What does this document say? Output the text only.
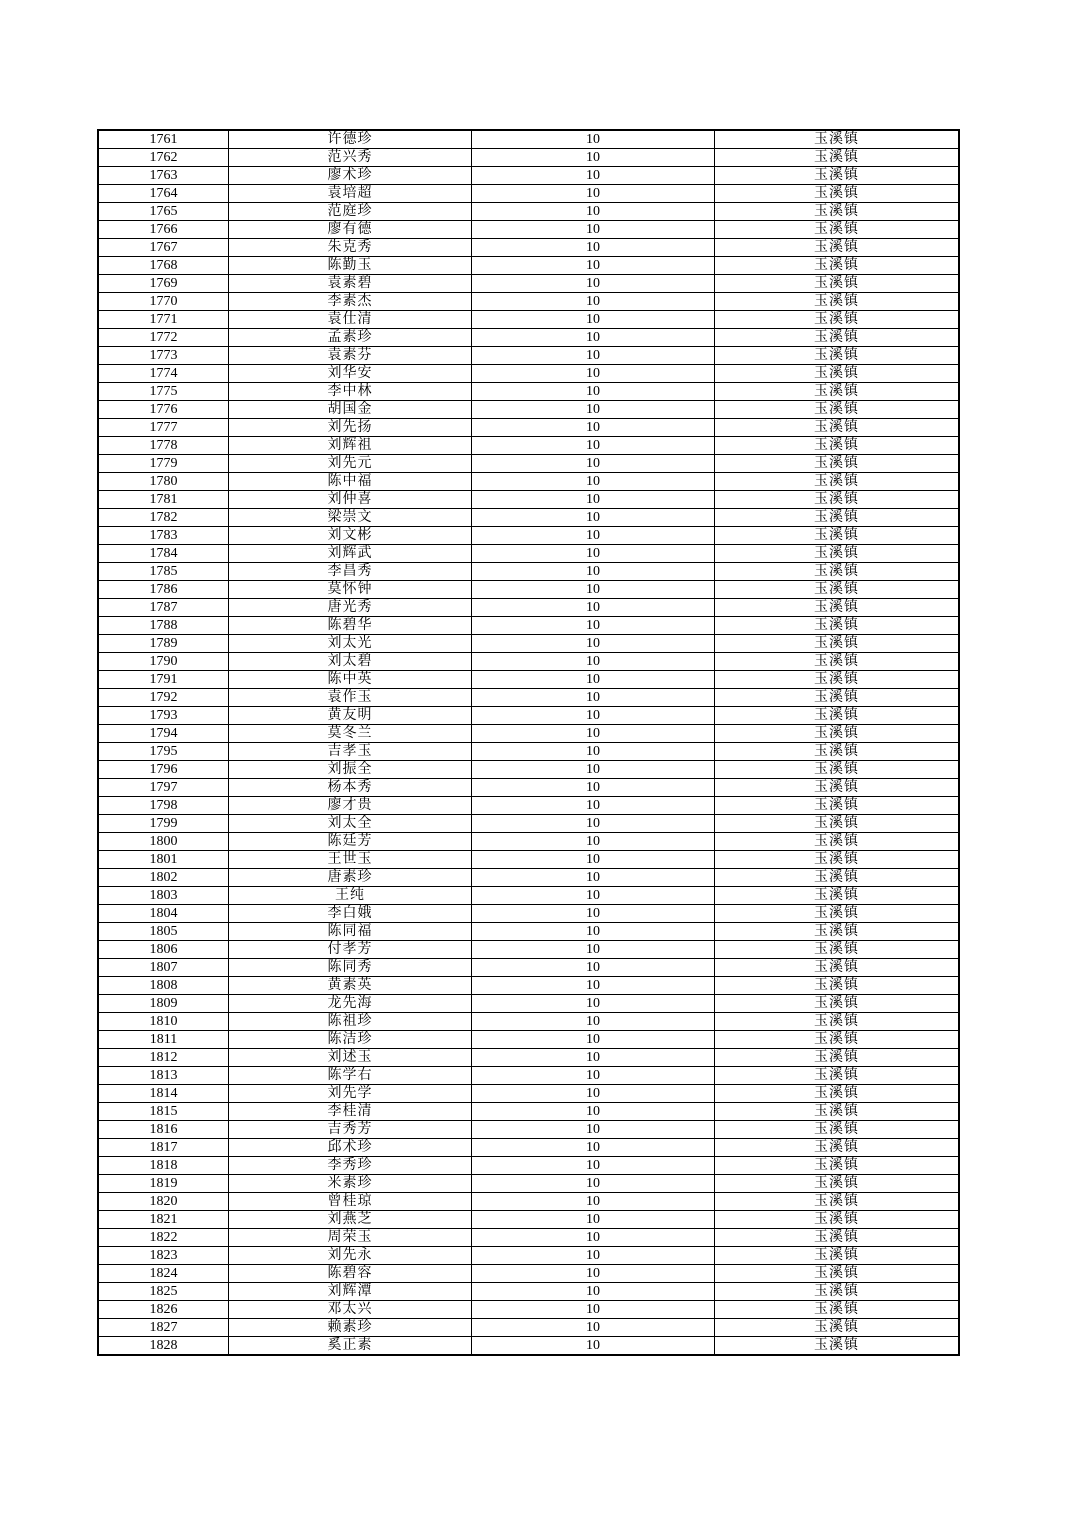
1761	许德珍	10	玉溪镇
1762	范兴秀	10	玉溪镇
1763	廖术珍	10	玉溪镇
1764	袁培超	10	玉溪镇
1765	范庭珍	10	玉溪镇
1766	廖有德	10	玉溪镇
1767	朱克秀	10	玉溪镇
1768	陈勤玉	10	玉溪镇
1769	袁素碧	10	玉溪镇
1770	李素杰	10	玉溪镇
1771	袁仕清	10	玉溪镇
1772	孟素珍	10	玉溪镇
1773	袁素芬	10	玉溪镇
1774	刘华安	10	玉溪镇
1775	李中林	10	玉溪镇
1776	胡国金	10	玉溪镇
1777	刘先扬	10	玉溪镇
1778	刘辉祖	10	玉溪镇
1779	刘先元	10	玉溪镇
1780	陈中福	10	玉溪镇
1781	刘仲喜	10	玉溪镇
1782	梁崇文	10	玉溪镇
1783	刘文彬	10	玉溪镇
1784	刘辉武	10	玉溪镇
1785	李昌秀	10	玉溪镇
1786	莫怀钟	10	玉溪镇
1787	唐光秀	10	玉溪镇
1788	陈碧华	10	玉溪镇
1789	刘太光	10	玉溪镇
1790	刘太碧	10	玉溪镇
1791	陈中英	10	玉溪镇
1792	袁作玉	10	玉溪镇
1793	黄友明	10	玉溪镇
1794	莫冬兰	10	玉溪镇
1795	吉孝玉	10	玉溪镇
1796	刘振全	10	玉溪镇
1797	杨本秀	10	玉溪镇
1798	廖才贵	10	玉溪镇
1799	刘太全	10	玉溪镇
1800	陈廷芳	10	玉溪镇
1801	王世玉	10	玉溪镇
1802	唐素珍	10	玉溪镇
1803	王纯	10	玉溪镇
1804	李白娥	10	玉溪镇
1805	陈同福	10	玉溪镇
1806	付孝芳	10	玉溪镇
1807	陈同秀	10	玉溪镇
1808	黄素英	10	玉溪镇
1809	龙先海	10	玉溪镇
1810	陈祖珍	10	玉溪镇
1811	陈洁珍	10	玉溪镇
1812	刘述玉	10	玉溪镇
1813	陈学右	10	玉溪镇
1814	刘先学	10	玉溪镇
1815	李桂清	10	玉溪镇
1816	吉秀芳	10	玉溪镇
1817	邱术珍	10	玉溪镇
1818	李秀珍	10	玉溪镇
1819	米素珍	10	玉溪镇
1820	曾桂琼	10	玉溪镇
1821	刘燕芝	10	玉溪镇
1822	周荣玉	10	玉溪镇
1823	刘先永	10	玉溪镇
1824	陈碧容	10	玉溪镇
1825	刘辉潭	10	玉溪镇
1826	邓太兴	10	玉溪镇
1827	赖素珍	10	玉溪镇
1828	奚正素	10	玉溪镇
